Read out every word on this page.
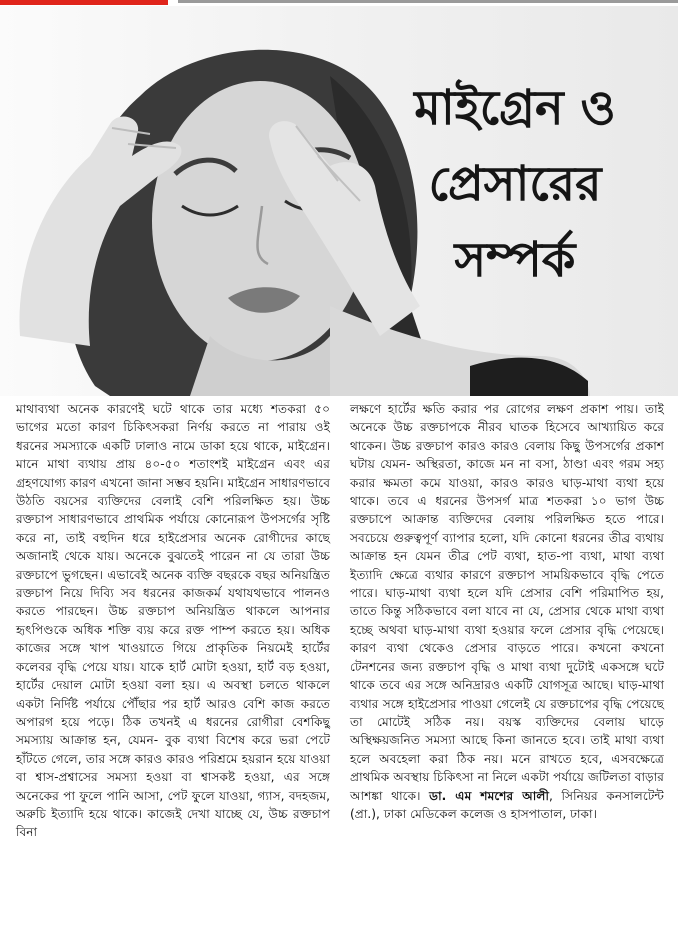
মাইগ্রেন ও
প্রেসারের
সম্পর্ক

মাথাব্যথা অনেক কারণেই ঘটে থাকে তার মধ্যে শতকরা ৫০ ভাগের মতো কারণ চিকিৎসকরা নির্ণয় করতে না পারায় ওই ধরনের সমস্যাকে একটি ঢালাও নামে ডাকা হয়ে থাকে, মাইগ্রেন। মানে মাথা ব্যথায় প্রায় ৪০-৫০ শতাংশই মাইগ্রেন এবং এর গ্রহণযোগ্য কারণ এখনো জানা সম্ভব হয়নি। মাইগ্রেন সাধারণভাবে উঠতি বয়সের ব্যক্তিদের বেলাই বেশি পরিলক্ষিত হয়। উচ্চ রক্তচাপ সাধারণভাবে প্রাথমিক পর্যায়ে কোনোরূপ উপসর্গের সৃষ্টি করে না, তাই বহুদিন ধরে হাইপ্রেসার অনেক রোগীদের কাছে অজানাই থেকে যায়। অনেকে বুঝতেই পারেন না যে তারা উচ্চ রক্তচাপে ভুগছেন। এভাবেই অনেক ব্যক্তি বছরকে বছর অনিয়ন্ত্রিত রক্তচাপ নিয়ে দিব্যি সব ধরনের কাজকর্ম যথাযথভাবে পালনও করতে পারছেন। উচ্চ রক্তচাপ অনিয়ন্ত্রিত থাকলে আপনার হৃৎপিণ্ডকে অধিক শক্তি ব্যয় করে রক্ত পাম্প করতে হয়। অধিক কাজের সঙ্গে খাপ খাওয়াতে গিয়ে প্রাকৃতিক নিয়মেই হার্টের কলেবর বৃদ্ধি পেয়ে যায়। যাকে হার্ট মোটা হওয়া, হার্ট বড় হওয়া, হার্টের দেয়াল মোটা হওয়া বলা হয়। এ অবস্থা চলতে থাকলে একটা নির্দিষ্ট পর্যায়ে পৌঁছার পর হার্ট আরও বেশি কাজ করতে অপারগ হয়ে পড়ে। ঠিক তখনই এ ধরনের রোগীরা বেশকিছু সমস্যায় আক্রান্ত হন, যেমন- বুক ব্যথা বিশেষ করে ভরা পেটে হাঁটতে গেলে, তার সঙ্গে কারও কারও পরিশ্রমে হয়রান হয়ে যাওয়া বা শ্বাস-প্রশ্বাসের সমস্যা হওয়া বা শ্বাসকষ্ট হওয়া, এর সঙ্গে অনেকের পা ফুলে পানি আসা, পেট ফুলে যাওয়া, গ্যাস, বদহজম, অরুচি ইত্যাদি হয়ে থাকে। কাজেই দেখা যাচ্ছে যে, উচ্চ রক্তচাপ বিনা

লক্ষণে হার্টের ক্ষতি করার পর রোগের লক্ষণ প্রকাশ পায়। তাই অনেকে উচ্চ রক্তচাপকে নীরব ঘাতক হিসেবে আখ্যায়িত করে থাকেন। উচ্চ রক্তচাপ কারও কারও বেলায় কিছু উপসর্গের প্রকাশ ঘটায় যেমন- অস্থিরতা, কাজে মন না বসা, ঠাণ্ডা এবং গরম সহ্য করার ক্ষমতা কমে যাওয়া, কারও কারও ঘাড়-মাথা ব্যথা হয়ে থাকে। তবে এ ধরনের উপসর্গ মাত্র শতকরা ১০ ভাগ উচ্চ রক্তচাপে আক্রান্ত ব্যক্তিদের বেলায় পরিলক্ষিত হতে পারে। সবচেয়ে গুরুত্বপূর্ণ ব্যাপার হলো, যদি কোনো ধরনের তীব্র ব্যথায় আক্রান্ত হন যেমন তীব্র পেট ব্যথা, হাত-পা ব্যথা, মাথা ব্যথা ইত্যাদি ক্ষেত্রে ব্যথার কারণে রক্তচাপ সাময়িকভাবে বৃদ্ধি পেতে পারে। ঘাড়-মাথা ব্যথা হলে যদি প্রেসার বেশি পরিমাপিত হয়, তাতে কিন্তু সঠিকভাবে বলা যাবে না যে, প্রেসার থেকে মাথা ব্যথা হচ্ছে অথবা ঘাড়-মাথা ব্যথা হওয়ার ফলে প্রেসার বৃদ্ধি পেয়েছে। কারণ ব্যথা থেকেও প্রেসার বাড়তে পারে। কখনো কখনো টেনশনের জন্য রক্তচাপ বৃদ্ধি ও মাথা ব্যথা দুটোই একসঙ্গে ঘটে থাকে তবে এর সঙ্গে অনিদ্রারও একটি যোগসূত্র আছে। ঘাড়-মাথা ব্যথার সঙ্গে হাইপ্রেসার পাওয়া গেলেই যে রক্তচাপের বৃদ্ধি পেয়েছে তা মোটেই সঠিক নয়। বয়স্ক ব্যক্তিদের বেলায় ঘাড়ে অস্থিক্ষয়জনিত সমস্যা আছে কিনা জানতে হবে। তাই মাথা ব্যথা হলে অবহেলা করা ঠিক নয়। মনে রাখতে হবে, এসবক্ষেত্রে প্রাথমিক অবস্থায় চিকিৎসা না নিলে একটা পর্যায়ে জটিলতা বাড়ার আশঙ্কা থাকে। ডা. এম শমশের আলী, সিনিয়র কনসালটেন্ট (প্রা.), ঢাকা মেডিকেল কলেজ ও হাসপাতাল, ঢাকা।
